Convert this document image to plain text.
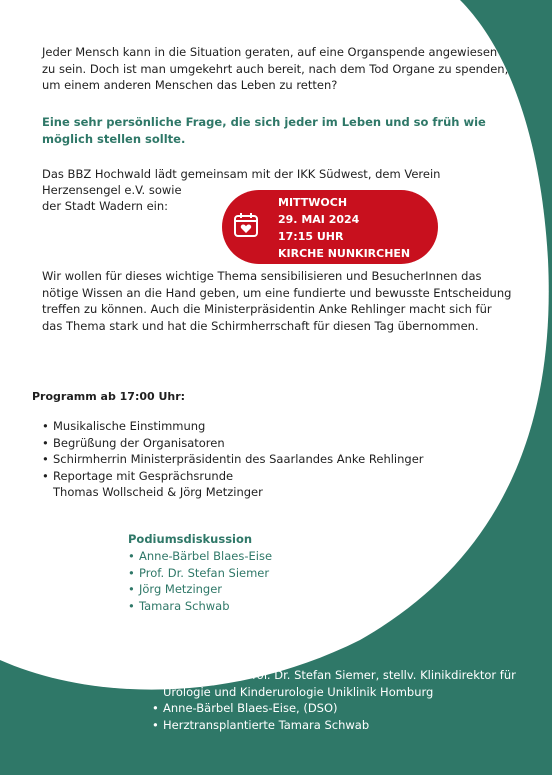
Jeder Mensch kann in die Situation geraten, auf eine Organspende angewiesen zu sein. Doch ist man umgekehrt auch bereit, nach dem Tod Organe zu spenden, um einem anderen Menschen das Leben zu retten?
Eine sehr persönliche Frage, die sich jeder im Leben und so früh wie möglich stellen sollte.
Das BBZ Hochwald lädt gemeinsam mit der IKK Südwest, dem Verein
Herzensengel e.V. sowie
der Stadt Wadern ein:	MITTWOCH
29. MAI 2024
17:15 UHR
KIRCHE NUNKIRCHEN
Wir wollen für dieses wichtige Thema sensibilisieren und BesucherInnen das nötige Wissen an die Hand geben, um eine fundierte und bewusste Entscheidung treffen zu können. Auch die Ministerpräsidentin Anke Rehlinger macht sich für das Thema stark und hat die Schirmherrschaft für diesen Tag übernommen.
Programm ab 17:00 Uhr:
• Musikalische Einstimmung
• Begrüßung der Organisatoren
• Schirmherrin Ministerpräsidentin des Saarlandes Anke Rehlinger
• Reportage mit Gesprächsrunde
Thomas Wollscheid & Jörg Metzinger
Podiumsdiskussion
• Anne-Bärbel Blaes-Eise
• Prof. Dr. Stefan Siemer
• Jörg Metzinger
• Tamara Schwab
Impulsvorträge
• Transplanteur Prof. Dr. Stefan Siemer, stellv. Klinikdirektor für Urologie und Kinderurologie Uniklinik Homburg
• Anne-Bärbel Blaes-Eise, (DSO)
• Herztransplantierte Tamara Schwab
